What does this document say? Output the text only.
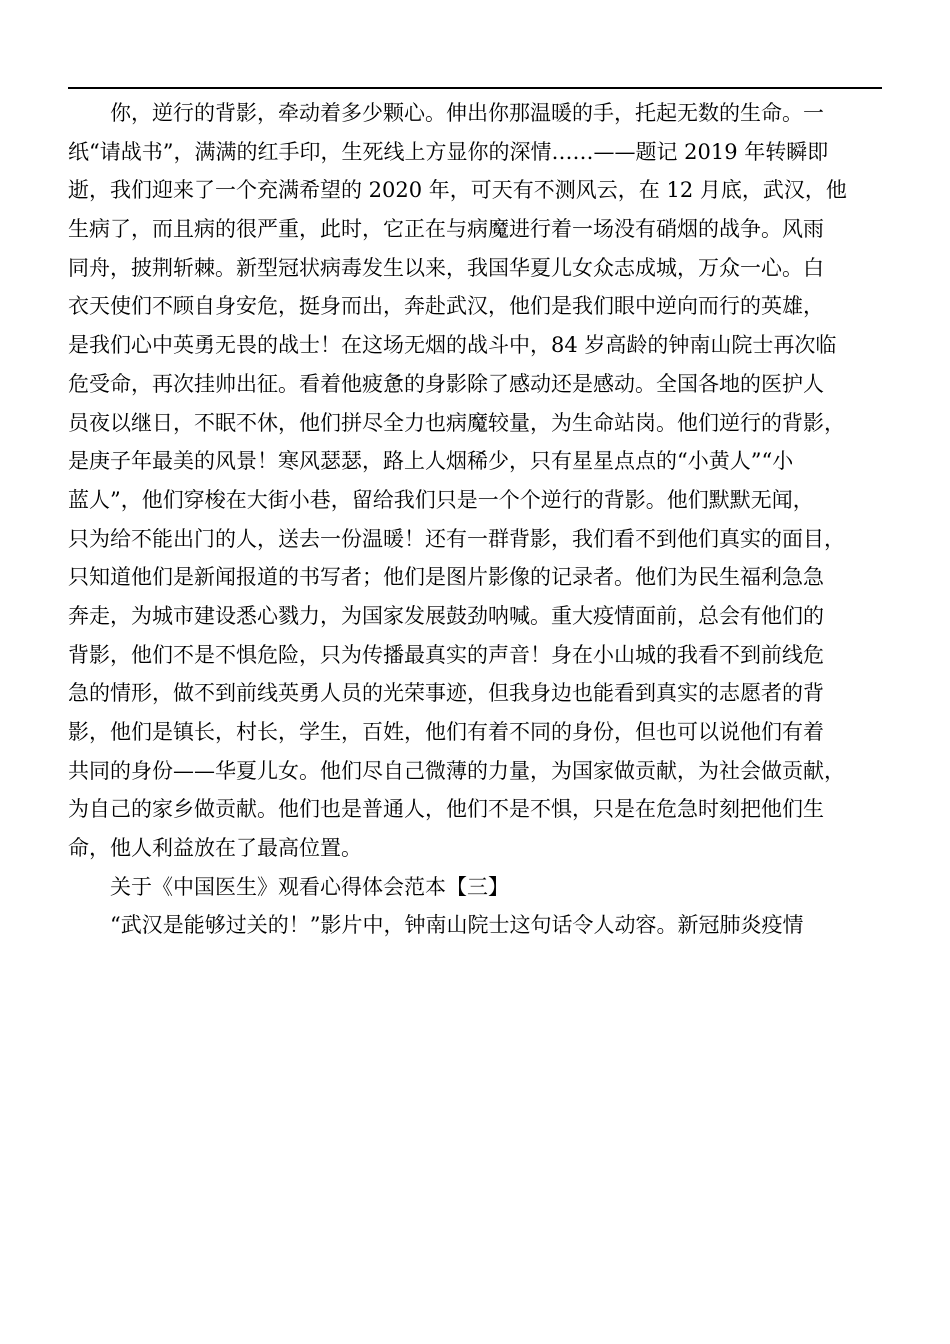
你，逆行的背影，牵动着多少颗心。伸出你那温暖的手，托起无数的生命。一
纸“请战书”，满满的红手印，生死线上方显你的深情……——题记 2019 年转瞬即
逝，我们迎来了一个充满希望的 2020 年，可天有不测风云，在 12 月底，武汉，他
生病了，而且病的很严重，此时，它正在与病魔进行着一场没有硝烟的战争。风雨
同舟，披荆斩棘。新型冠状病毒发生以来，我国华夏儿女众志成城，万众一心。白
衣天使们不顾自身安危，挺身而出，奔赴武汉，他们是我们眼中逆向而行的英雄，
是我们心中英勇无畏的战士！在这场无烟的战斗中，84 岁高龄的钟南山院士再次临
危受命，再次挂帅出征。看着他疲惫的身影除了感动还是感动。全国各地的医护人
员夜以继日，不眠不休，他们拼尽全力也病魔较量，为生命站岗。他们逆行的背影，
是庚子年最美的风景！寒风瑟瑟，路上人烟稀少，只有星星点点的“小黄人”“小
蓝人”，他们穿梭在大街小巷，留给我们只是一个个逆行的背影。他们默默无闻，
只为给不能出门的人，送去一份温暖！还有一群背影，我们看不到他们真实的面目，
只知道他们是新闻报道的书写者；他们是图片影像的记录者。他们为民生福利急急
奔走，为城市建设悉心戮力，为国家发展鼓劲呐喊。重大疫情面前，总会有他们的
背影，他们不是不惧危险，只为传播最真实的声音！身在小山城的我看不到前线危
急的情形，做不到前线英勇人员的光荣事迹，但我身边也能看到真实的志愿者的背
影，他们是镇长，村长，学生，百姓，他们有着不同的身份，但也可以说他们有着
共同的身份——华夏儿女。他们尽自己微薄的力量，为国家做贡献，为社会做贡献，
为自己的家乡做贡献。他们也是普通人，他们不是不惧，只是在危急时刻把他们生
命，他人利益放在了最高位置。
关于《中国医生》观看心得体会范本【三】
“武汉是能够过关的！”影片中，钟南山院士这句话令人动容。新冠肺炎疫情
